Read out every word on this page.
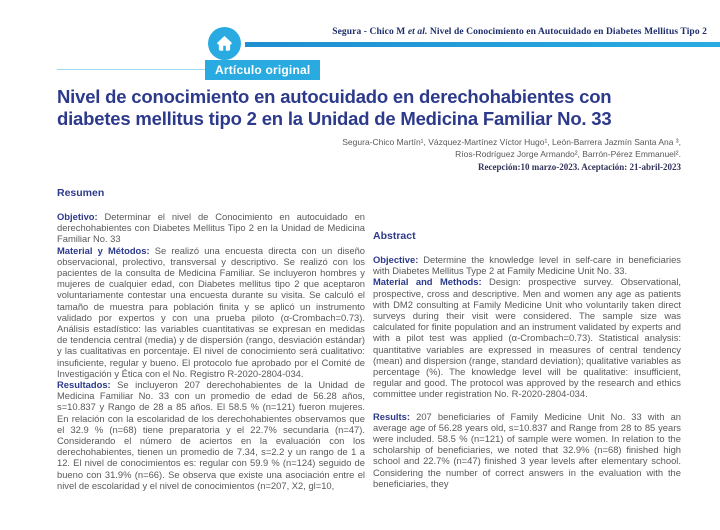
Segura - Chico M et al. Nivel de Conocimiento en Autocuidado en Diabetes Mellitus Tipo 2
Artículo original
Nivel de conocimiento en autocuidado en derechohabientes con diabetes mellitus tipo 2 en la Unidad de Medicina Familiar No. 33
Segura-Chico Martín¹, Vázquez-Martínez Víctor Hugo¹, León-Barrera Jazmín Santa Ana ³,
Ríos-Rodríguez Jorge Armando², Barrón-Pérez Emmanuel².
Recepción:10 marzo-2023. Aceptación: 21-abril-2023
Resumen

Objetivo: Determinar el nivel de Conocimiento en autocuidado en derechohabientes con Diabetes Mellitus Tipo 2 en la Unidad de Medicina Familiar No. 33

Material y Métodos: Se realizó una encuesta directa con un diseño observacional, prolectivo, transversal y descriptivo. Se realizó con los pacientes de la consulta de Medicina Familiar. Se incluyeron hombres y mujeres de cualquier edad, con Diabetes mellitus tipo 2 que aceptaron voluntariamente contestar una encuesta durante su visita. Se calculó el tamaño de muestra para población finita y se aplicó un instrumento validado por expertos y con una prueba piloto (α-Crombach=0.73). Análisis estadístico: las variables cuantitativas se expresan en medidas de tendencia central (media) y de dispersión (rango, desviación estándar) y las cualitativas en porcentaje. El nivel de conocimiento será cualitativo: insuficiente, regular y bueno. El protocolo fue aprobado por el Comité de Investigación y Ética con el No. Registro R-2020-2804-034.

Resultados: Se incluyeron 207 derechohabientes de la Unidad de Medicina Familiar No. 33 con un promedio de edad de 56.28 años, s=10.837 y Rango de 28 a 85 años. El 58.5 % (n=121) fueron mujeres. En relación con la escolaridad de los derechohabientes observamos que el 32.9 % (n=68) tiene preparatoria y el 22.7% secundaria (n=47). Considerando el número de aciertos en la evaluación con los derechohabientes, tienen un promedio de 7.34, s=2.2 y un rango de 1 a 12. El nivel de conocimientos es: regular con 59.9 % (n=124) seguido de bueno con 31.9% (n=66). Se observa que existe una asociación entre el nivel de escolaridad y el nivel de conocimientos (n=207, X2, gl=10,

Abstract

Objective: Determine the knowledge level in self-care in beneficiaries with Diabetes Mellitus Type 2 at Family Medicine Unit No. 33.

Material and Methods: Design: prospective survey. Observational, prospective, cross and descriptive. Men and women any age as patients with DM2 consulting at Family Medicine Unit who voluntarily taken direct surveys during their visit were considered. The sample size was calculated for finite population and an instrument validated by experts and with a pilot test was applied (α-Crombach=0.73). Statistical analysis: quantitative variables are expressed in measures of central tendency (mean) and dispersion (range, standard deviation); qualitative variables as percentage (%). The knowledge level will be qualitative: insufficient, regular and good. The protocol was approved by the research and ethics committee under registration No. R-2020-2804-034.

Results: 207 beneficiaries of Family Medicine Unit No. 33 with an average age of 56.28 years old, s=10.837 and Range from 28 to 85 years were included. 58.5 % (n=121) of sample were women. In relation to the scholarship of beneficiaries, we noted that 32.9% (n=68) finished high school and 22.7% (n=47) finished 3 year levels after elementary school. Considering the number of correct answers in the evaluation with the beneficiaries, they
